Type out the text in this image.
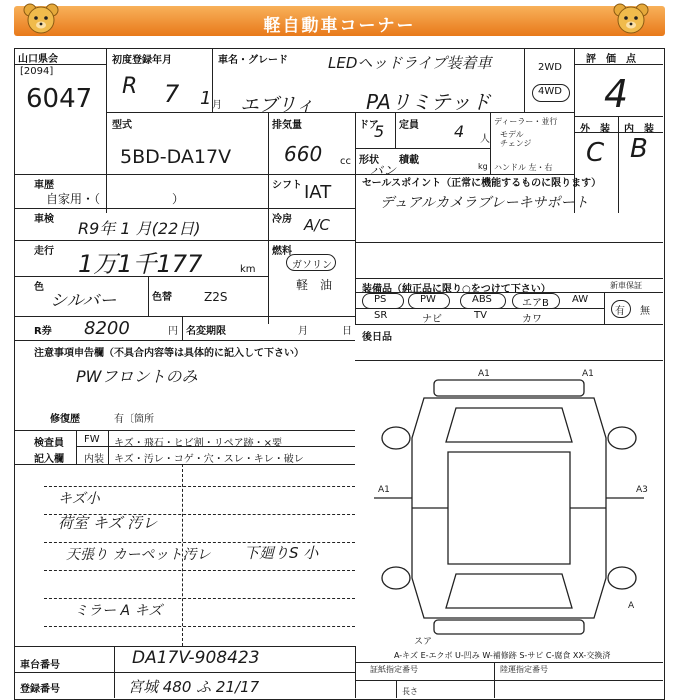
軽自動車コーナー
山口県会
[2094]
6047
初度登録年月
R 7 1 月
車名・グレード	LEDヘッドライプ装着車
エブリィ	PAリミテッド
2WD
4WD
評　価　点
4
型式
5BD-DA17V
排気量
660 cc
ドア
5 定員 4 人
ディーラー・並行
モデル
チェンジ
形状
バン
積載
kg ハンドル 左・右
外　装 内　装
C B
車歴
自家用・（　　　　　　）
シフト IAT	セールスポイント（正常に機能するものに限ります）
デュアルカメラブレーキサポート
車検 R9年 1 月(22日)	冷房 A/C
走行 1万1千177	km
燃料
ガソリン
軽　油
色
シルバー	色替	Z2S
装備品（純正品に限り○をつけて下さい）	新車保証
PS	PW	ABS	エアB AW
SR	ナビ	TV	カワ
有 無
R券 8200	円 名変期限	月	日
後日品
注意事項申告欄（不具合内容等は具体的に記入して下さい）
PWフロントのみ
修復歴	有〔箇所
検査員
記入欄
FW キズ・飛石・ヒビ割・リペア跡・×要
内装 キズ・汚レ・コゲ・穴・スレ・キレ・破レ
キズ小
荷室 キズ 汚レ
天張り カーペット汚レ 下廻りS 小
ミラー A キズ
A1	A1
A1	A3
A
スア
A-キズ E-エクボ U-凹み W-補修跡 S-サビ C-腐食 XX-交換済
車台番号	DA17V-908423
登録番号	宮城 480 ふ 21/17
証紙指定番号	陸運指定番号
長さ
